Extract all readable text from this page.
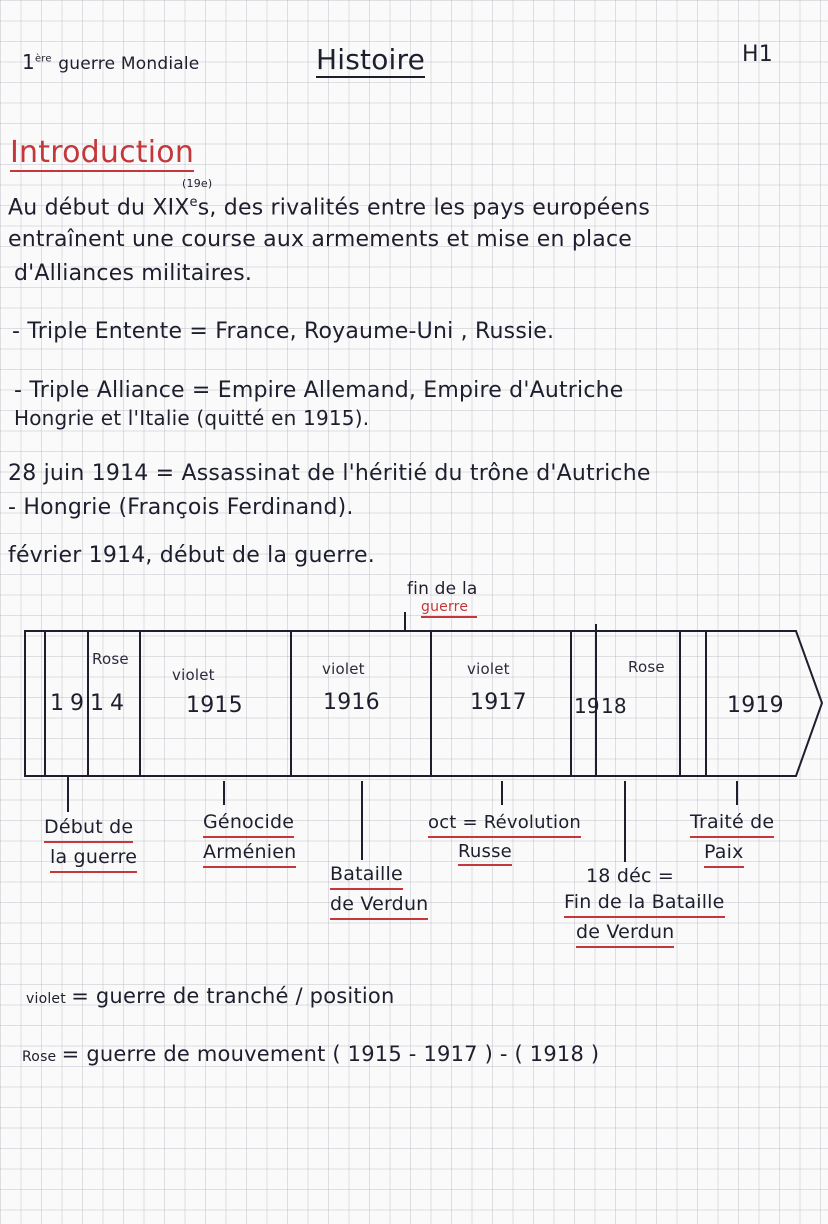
1ère guerre Mondiale	Histoire	H1
Introduction
(19e)
Au début du XIXes, des rivalités entre les pays européens
entraînent une course aux armements et mise en place
d'Alliances militaires.
- Triple Entente = France, Royaume-Uni , Russie.
- Triple Alliance = Empire Allemand, Empire d'Autriche
Hongrie et l'Italie (quitté en 1915).
28 juin 1914 = Assassinat de l'héritié du trône d'Autriche
- Hongrie (François Ferdinand).
février 1914, début de la guerre.
fin de la
guerre
1914
Rose
violet
1915
violet
1916
violet
1917 19
Rose
18	1919
Début de
la guerre
Génocide
Arménien
Bataille
de Verdun
oct = Révolution
Russe
18 déc =
Fin de la Bataille
de Verdun
Traité de
Paix
violet = guerre de tranché / position
Rose = guerre de mouvement ( 1915 - 1917 ) - ( 1918 )
